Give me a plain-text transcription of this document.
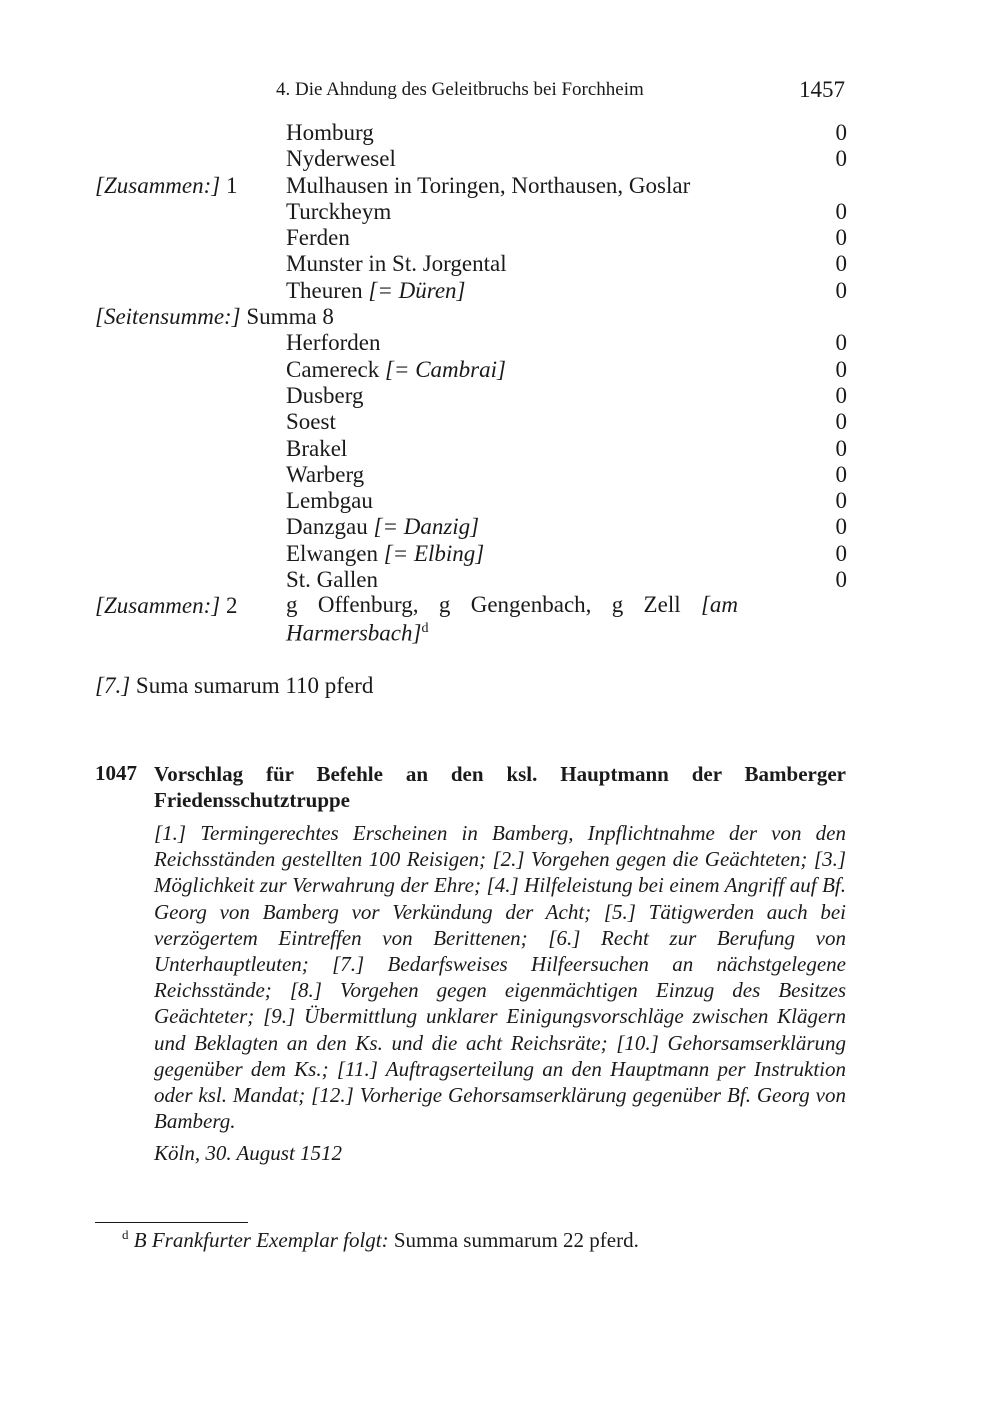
4. Die Ahndung des Geleitbruchs bei Forchheim	1457
Homburg	0
Nyderwesel	0
[Zusammen:] 1 Mulhausen in Toringen, Northausen, Goslar
Turckheym	0
Ferden	0
Munster in St. Jorgental	0
Theuren [= Düren]	0
[Seitensumme:] Summa 8
Herforden	0
Camereck [= Cambrai]	0
Dusberg	0
Soest	0
Brakel	0
Warberg	0
Lembgau	0
Danzgau [= Danzig]	0
Elwangen [= Elbing]	0
St. Gallen	0
[Zusammen:] 2 g Offenburg, g Gengenbach, g Zell [am Harmersbach]$^d$
[7.] Suma sumarum 110 pferd
1047 Vorschlag für Befehle an den ksl. Hauptmann der Bamberger Friedensschutztruppe
[1.] Termingerechtes Erscheinen in Bamberg, Inpflichtnahme der von den Reichsständen gestellten 100 Reisigen; [2.] Vorgehen gegen die Geächteten; [3.] Möglichkeit zur Verwahrung der Ehre; [4.] Hilfeleistung bei einem Angriff auf Bf. Georg von Bamberg vor Verkündung der Acht; [5.] Tätigwerden auch bei verzögertem Eintreffen von Berittenen; [6.] Recht zur Berufung von Unterhauptleuten; [7.] Bedarfsweises Hilfeersuchen an nächstgelegene Reichsstände; [8.] Vorgehen gegen eigenmächtigen Einzug des Besitzes Geächteter; [9.] Übermittlung unklarer Einigungsvorschläge zwischen Klägern und Beklagten an den Ks. und die acht Reichsräte; [10.] Gehorsamserklärung gegenüber dem Ks.; [11.] Auftragserteilung an den Hauptmann per Instruktion oder ksl. Mandat; [12.] Vorherige Gehorsamserklärung gegenüber Bf. Georg von Bamberg.
Köln, 30. August 1512
$^d$ B Frankfurter Exemplar folgt: Summa summarum 22 pferd.
